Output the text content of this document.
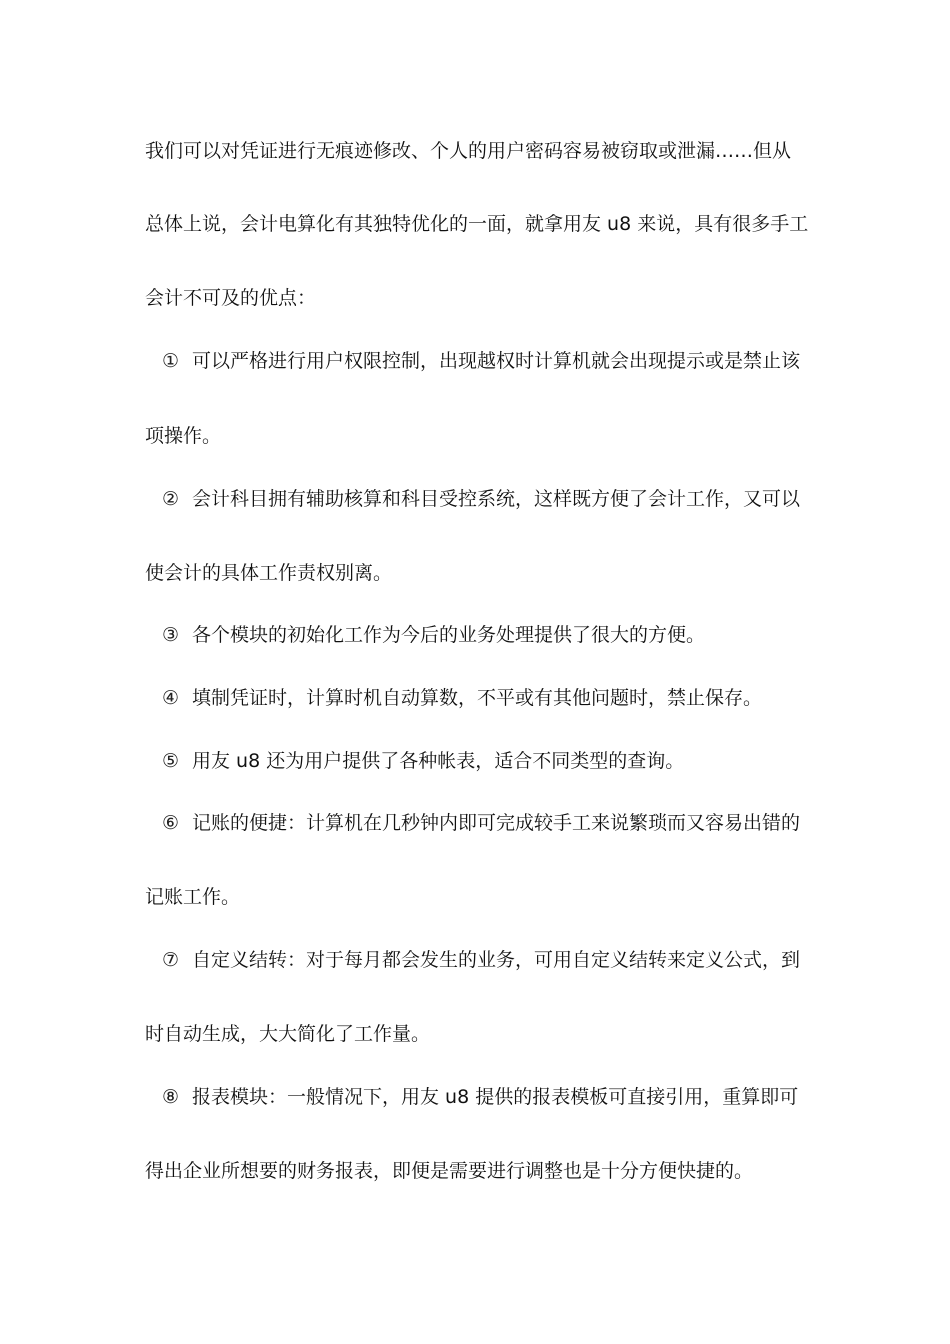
我们可以对凭证进行无痕迹修改、个人的用户密码容易被窃取或泄漏……但从
总体上说，会计电算化有其独特优化的一面，就拿用友 u8 来说，具有很多手工
会计不可及的优点：
① 可以严格进行用户权限控制，出现越权时计算机就会出现提示或是禁止该
项操作。
② 会计科目拥有辅助核算和科目受控系统，这样既方便了会计工作，又可以
使会计的具体工作责权别离。
③ 各个模块的初始化工作为今后的业务处理提供了很大的方便。
④ 填制凭证时，计算时机自动算数，不平或有其他问题时，禁止保存。
⑤ 用友 u8 还为用户提供了各种帐表，适合不同类型的查询。
⑥ 记账的便捷：计算机在几秒钟内即可完成较手工来说繁琐而又容易出错的
记账工作。
⑦ 自定义结转：对于每月都会发生的业务，可用自定义结转来定义公式，到
时自动生成，大大简化了工作量。
⑧ 报表模块：一般情况下，用友 u8 提供的报表模板可直接引用，重算即可
得出企业所想要的财务报表，即便是需要进行调整也是十分方便快捷的。
